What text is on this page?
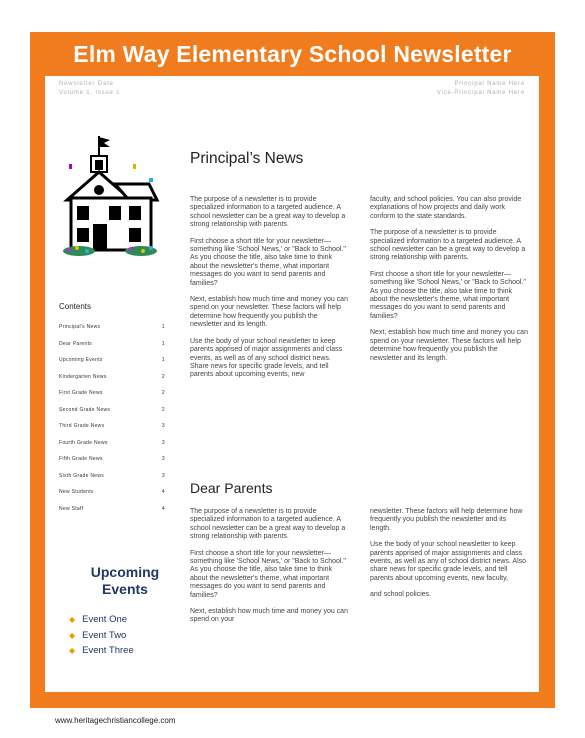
Elm Way Elementary School Newsletter
Newsletter Date
Volume 1, Issue 1
Principal Name Here
Vice-Principal Name Here
Contents
Principal's News	1
Dear Parents	1
Upcoming Events	1
Kindergarten News	2
First Grade News	2
Second Grade News	2
Third Grade News	3
Fourth Grade News	3
Fifth Grade News	3
Sixth Grade News	3
New Students	4
New Staff	4
Upcoming
Events
◆ Event One
◆ Event Two
◆ Event Three
Principal’s News

The purpose of a newsletter is to provide specialized information to a targeted audience. A school newsletter can be a great way to develop a strong relationship with parents.

First choose a short title for your newsletter— something like 'School News,' or "Back to School." As you choose the title, also take time to think about the newsletter's theme, what important messages do you want to send parents and families?

Next, establish how much time and money you can spend on your newsletter. These factors will help determine how frequently you publish the newsletter and its length.

Use the body of your school newsletter to keep parents apprised of major assignments and class events, as well as of any school district news. Share news for specific grade levels, and tell parents about upcoming events, new

faculty, and school policies. You can also provide explanations of how projects and daily work conform to the state standards.

The purpose of a newsletter is to provide specialized information to a targeted audience. A school newsletter can be a great way to develop a strong relationship with parents.

First choose a short title for your newsletter— something like 'School News,' or "Back to School." As you choose the title, also take time to think about the newsletter's theme, what important messages do you want to send parents and families?

Next, establish how much time and money you can spend on your newsletter. These factors will help determine how frequently you publish the newsletter and its length.

Dear Parents

The purpose of a newsletter is to provide specialized information to a targeted audience. A school newsletter can be a great way to develop a strong relationship with parents.

First choose a short title for your newsletter— something like 'School News,' or "Back to School." As you choose the title, also take time to think about the newsletter's theme, what important messages do you want to send parents and families?

Next, establish how much time and money you can spend on your

newsletter. These factors will help determine how frequently you publish the newsletter and its length.

Use the body of your school newsletter to keep parents apprised of major assignments and class events, as well as any of school district news. Also share news for specific grade levels, and tell parents about upcoming events, new faculty,

and school policies.

www.heritagechristiancollege.com
